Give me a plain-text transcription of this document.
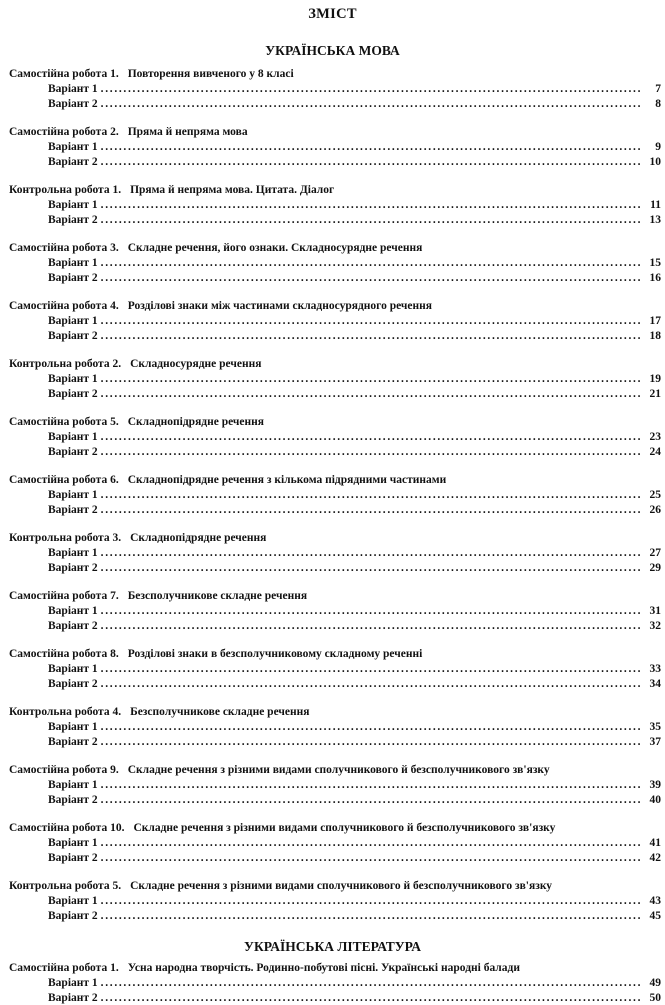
ЗМІСТ
УКРАЇНСЬКА МОВА
Самостійна робота 1. Повторення вивченого у 8 класі
Варіант 1 . . .	7
Варіант 2 . . .	8
Самостійна робота 2. Пряма й непряма мова
Варіант 1 . . .	9
Варіант 2 . . .	10
Контрольна робота 1. Пряма й непряма мова. Цитата. Діалог
Варіант 1 . . .	11
Варіант 2 . . .	13
Самостійна робота 3. Складне речення, його ознаки. Складносурядне речення
Варіант 1 . . .	15
Варіант 2 . . .	16
Самостійна робота 4. Розділові знаки між частинами складносурядного речення
Варіант 1 . . .	17
Варіант 2 . . .	18
Контрольна робота 2. Складносурядне речення
Варіант 1 . . .	19
Варіант 2 . . .	21
Самостійна робота 5. Складнопідрядне речення
Варіант 1 . . .	23
Варіант 2 . . .	24
Самостійна робота 6. Складнопідрядне речення з кількома підрядними частинами
Варіант 1 . . .	25
Варіант 2 . . .	26
Контрольна робота 3. Складнопідрядне речення
Варіант 1 . . .	27
Варіант 2 . . .	29
Самостійна робота 7. Безсполучникове складне речення
Варіант 1 . . .	31
Варіант 2 . . .	32
Самостійна робота 8. Розділові знаки в безсполучниковому складному реченні
Варіант 1 . . .	33
Варіант 2 . . .	34
Контрольна робота 4. Безсполучникове складне речення
Варіант 1 . . .	35
Варіант 2 . . .	37
Самостійна робота 9. Складне речення з різними видами сполучникового й безсполучникового зв'язку
Варіант 1 . . .	39
Варіант 2 . . .	40
Самостійна робота 10. Складне речення з різними видами сполучникового й безсполучникового зв'язку
Варіант 1 . . .	41
Варіант 2 . . .	42
Контрольна робота 5. Складне речення з різними видами сполучникового й безсполучникового зв'язку
Варіант 1 . . .	43
Варіант 2 . . .	45
УКРАЇНСЬКА ЛІТЕРАТУРА
Самостійна робота 1. Усна народна творчість. Родинно-побутові пісні. Українські народні балади
Варіант 1 . . .	49
Варіант 2 . . .	50
